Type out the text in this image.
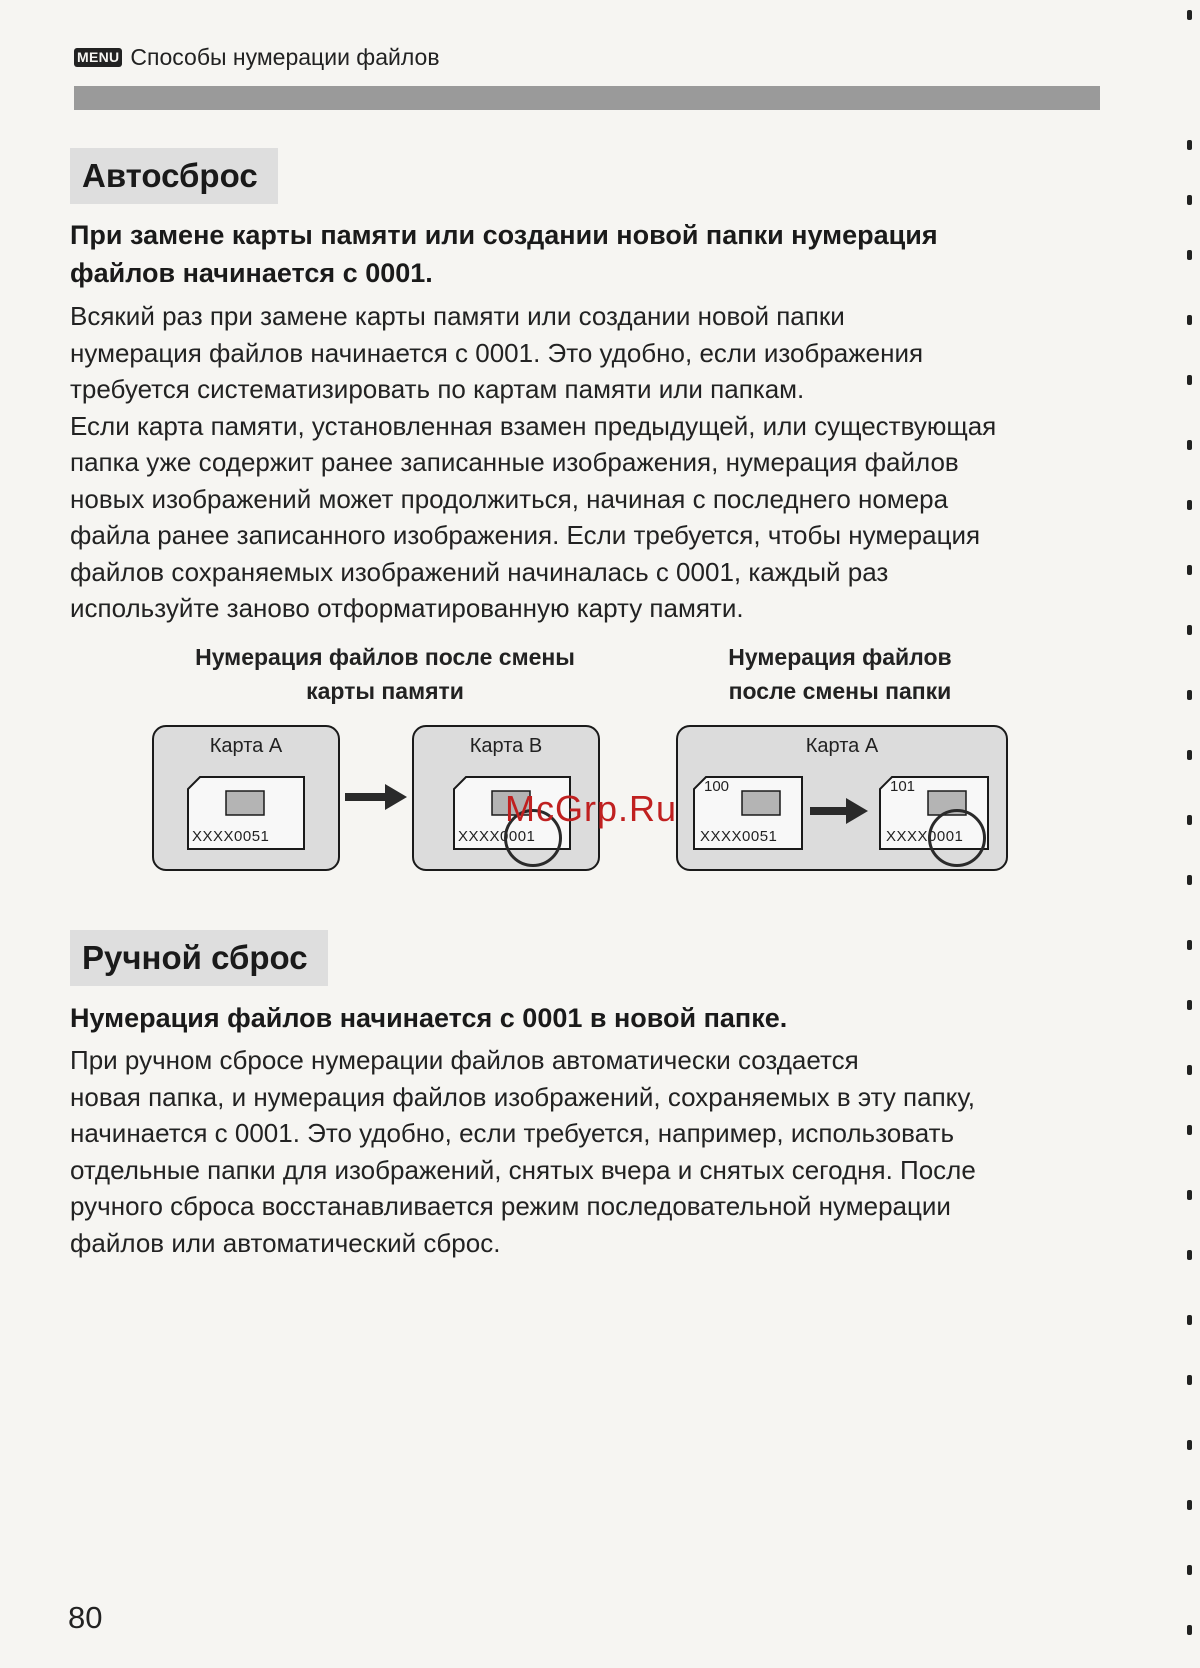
MENU Способы нумерации файлов
Автосброс
При замене карты памяти или создании новой папки нумерация
файлов начинается с 0001.
Всякий раз при замене карты памяти или создании новой папки
нумерация файлов начинается с 0001. Это удобно, если изображения
требуется систематизировать по картам памяти или папкам.
Если карта памяти, установленная взамен предыдущей, или существующая
папка уже содержит ранее записанные изображения, нумерация файлов
новых изображений может продолжиться, начиная с последнего номера
файла ранее записанного изображения. Если требуется, чтобы нумерация
файлов сохраняемых изображений начиналась с 0001, каждый раз
используйте заново отформатированную карту памяти.
Нумерация файлов после смены
карты памяти
Нумерация файлов
после смены папки
Карта A
XXXX0051
Карта B
XXXX0001
Карта A
100
XXXX0051
101
XXXX0001
McGrp.Ru
Ручной сброс
Нумерация файлов начинается с 0001 в новой папке.
При ручном сбросе нумерации файлов автоматически создается
новая папка, и нумерация файлов изображений, сохраняемых в эту папку,
начинается с 0001. Это удобно, если требуется, например, использовать
отдельные папки для изображений, снятых вчера и снятых сегодня. После
ручного сброса восстанавливается режим последовательной нумерации
файлов или автоматический сброс.
80
